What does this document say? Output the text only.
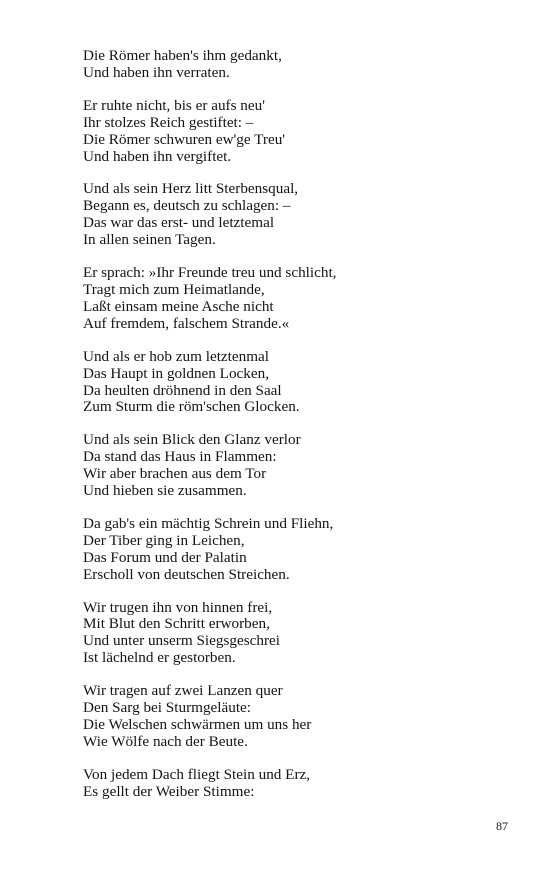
Die Römer haben's ihm gedankt,
Und haben ihn verraten.
Er ruhte nicht, bis er aufs neu'
Ihr stolzes Reich gestiftet: –
Die Römer schwuren ew'ge Treu'
Und haben ihn vergiftet.
Und als sein Herz litt Sterbensqual,
Begann es, deutsch zu schlagen: –
Das war das erst- und letztemal
In allen seinen Tagen.
Er sprach: »Ihr Freunde treu und schlicht,
Tragt mich zum Heimatlande,
Laßt einsam meine Asche nicht
Auf fremdem, falschem Strande.«
Und als er hob zum letztenmal
Das Haupt in goldnen Locken,
Da heulten dröhnend in den Saal
Zum Sturm die röm'schen Glocken.
Und als sein Blick den Glanz verlor
Da stand das Haus in Flammen:
Wir aber brachen aus dem Tor
Und hieben sie zusammen.
Da gab's ein mächtig Schrein und Fliehn,
Der Tiber ging in Leichen,
Das Forum und der Palatin
Erscholl von deutschen Streichen.
Wir trugen ihn von hinnen frei,
Mit Blut den Schritt erworben,
Und unter unserm Siegsgeschrei
Ist lächelnd er gestorben.
Wir tragen auf zwei Lanzen quer
Den Sarg bei Sturmgeläute:
Die Welschen schwärmen um uns her
Wie Wölfe nach der Beute.
Von jedem Dach fliegt Stein und Erz,
Es gellt der Weiber Stimme:
87
